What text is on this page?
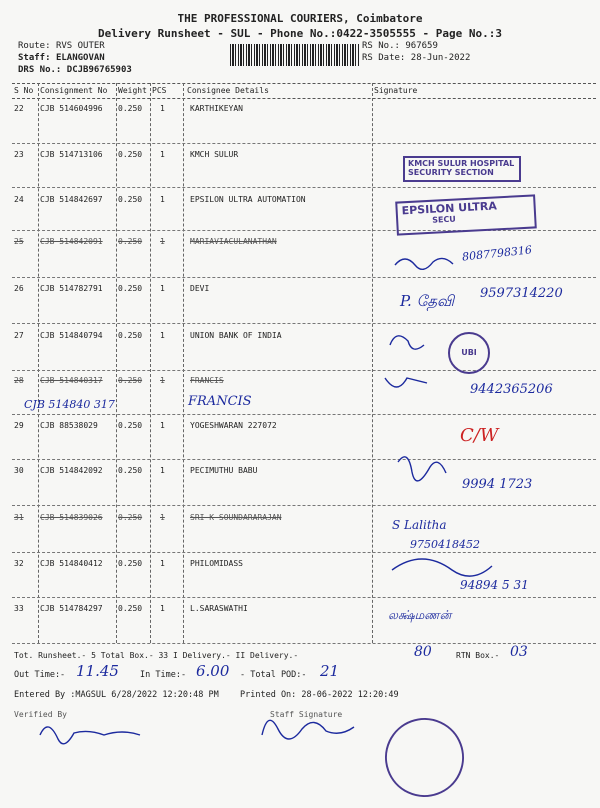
THE PROFESSIONAL COURIERS, Coimbatore
Delivery Runsheet - SUL - Phone No.:0422-3505555 - Page No.:3
Route: RVS OUTER
Staff: ELANGOVAN
DRS No.: DCJB96765903
RS No.: 967659
RS Date: 28-Jun-2022
S No Consignment No Weight PCS	Consignee Details	Signature
22 CJB 514604996 0.250 1	KARTHIKEYAN
23 CJB 514713106 0.250 1	KMCH SULUR
24 CJB 514842697 0.250 1	EPSILON ULTRA AUTOMATION
25 CJB 514842091 0.250 1	MARIAVIACULANATHAN
26 CJB 514782791 0.250 1	DEVI
27 CJB 514840794 0.250 1	UNION BANK OF INDIA
28 CJB 514840317 0.250 1	FRANCIS
29 CJB 88538029	0.250 1	YOGESHWARAN 227072
30 CJB 514842092 0.250 1	PECIMUTHU BABU
31 CJB 514839026 0.250 1	SRI K SOUNDARARAJAN
32 CJB 514840412 0.250 1	PHILOMIDASS
33 CJB 514784297 0.250 1	L.SARASWATHI
KMCH SULUR HOSPITAL
SECURITY SECTION
EPSILON ULTRA
SECU
UBI
8087798316
P. தேவி 9597314220
9442365206
CJB 514840 317	FRANCIS
C/W
9994 1723
S Lalitha
9750418452
94894 5 31
லக்ஷ்மணன்
Tot. Runsheet.- 5 Total Box.- 33 I Delivery.- II Delivery.-	80	RTN Box.- 03
Out Time:- 11.45 In Time:- 6.00 - Total POD:- 21
Entered By :MAGSUL 6/28/2022 12:20:48 PM	Printed On: 28-06-2022 12:20:49
Verified By	Staff Signature
